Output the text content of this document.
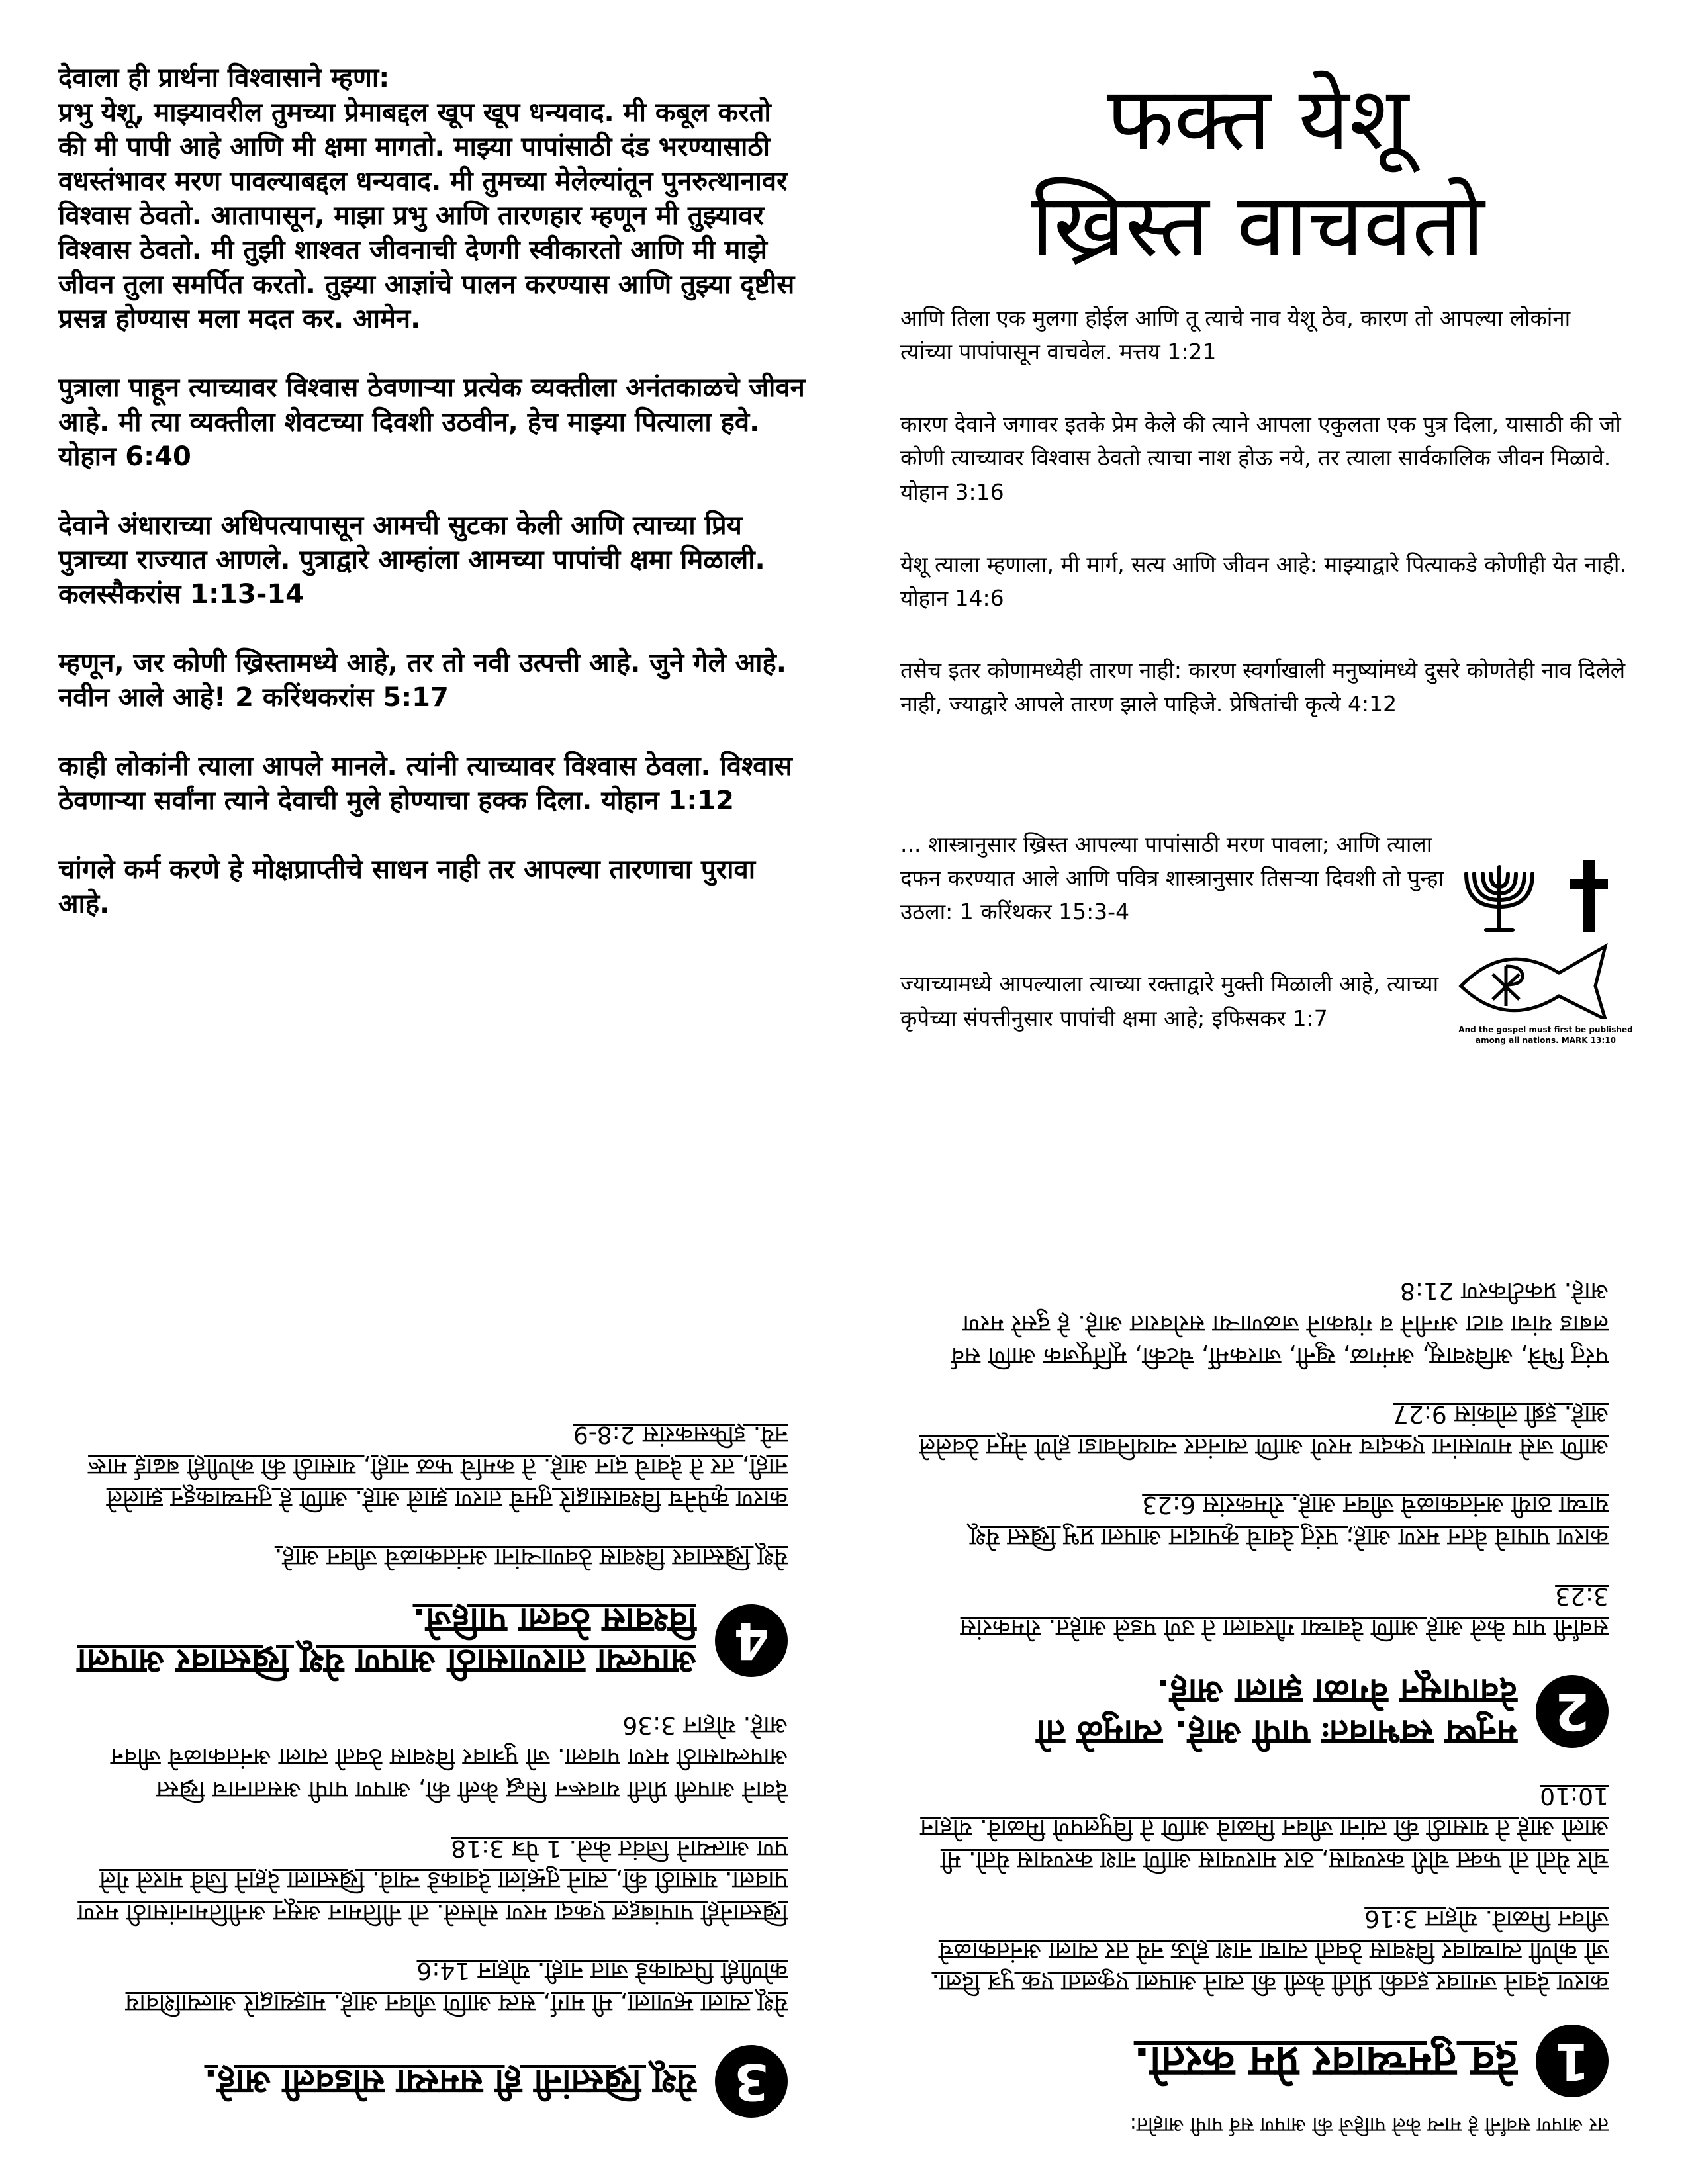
देवाला ही प्रार्थना विश्‍वासाने म्हणा:
प्रभु येशू, माझ्यावरील तुमच्या प्रेमाबद्दल खूप खूप धन्यवाद. मी कबूल करतो की मी पापी आहे आणि मी क्षमा मागतो. माझ्या पापांसाठी दंड भरण्यासाठी वधस्तंभावर मरण पावल्याबद्दल धन्यवाद. मी तुमच्या मेलेल्यांतून पुनरुत्थानावर विश्‍वास ठेवतो. आतापासून, माझा प्रभु आणि तारणहार म्हणून मी तुझ्यावर विश्‍वास ठेवतो. मी तुझी शाश्‍वत जीवनाची देणगी स्वीकारतो आणि मी माझे जीवन तुला समर्पित करतो. तुझ्या आज्ञांचे पालन करण्यास आणि तुझ्या दृष्टीस प्रसन्न होण्यास मला मदत कर. आमेन.

पुत्राला पाहून त्याच्यावर विश्‍वास ठेवणाऱ्या प्रत्येक व्यक्तीला अनंतकाळचे जीवन आहे. मी त्या व्यक्तीला शेवटच्या दिवशी उठवीन, हेच माझ्या पित्याला हवे. योहान 6:40

देवाने अंधाराच्या अधिपत्यापासून आमची सुटका केली आणि त्याच्या प्रिय पुत्राच्या राज्यात आणले. पुत्राद्वारे आम्हांला आमच्या पापांची क्षमा मिळाली. कलस्सैकरांस 1:13-14

म्हणून, जर कोणी ख्रिस्तामध्ये आहे, तर तो नवी उत्पत्ती आहे. जुने गेले आहे. नवीन आले आहे! 2 करिंथकरांस 5:17

काही लोकांनी त्याला आपले मानले. त्यांनी त्याच्यावर विश्‍वास ठेवला. विश्‍वास ठेवणाऱ्या सर्वांना त्याने देवाची मुले होण्याचा हक्क दिला. योहान 1:12

चांगले कर्म करणे हे मोक्षप्राप्तीचे साधन नाही तर आपल्या तारणाचा पुरावा आहे.

फक्त येशू
ख्रिस्त वाचवतो

आणि तिला एक मुलगा होईल आणि तू त्याचे नाव येशू ठेव, कारण तो आपल्या लोकांना त्यांच्या पापांपासून वाचवेल. मत्तय 1:21

कारण देवाने जगावर इतके प्रेम केले की त्याने आपला एकुलता एक पुत्र दिला, यासाठी की जो कोणी त्याच्यावर विश्वास ठेवतो त्याचा नाश होऊ नये, तर त्याला सार्वकालिक जीवन मिळावे. योहान 3:16

येशू त्याला म्हणाला, मी मार्ग, सत्य आणि जीवन आहे: माझ्याद्वारे पित्याकडे कोणीही येत नाही. योहान 14:6

तसेच इतर कोणामध्येही तारण नाही: कारण स्वर्गाखाली मनुष्यांमध्ये दुसरे कोणतेही नाव दिलेले नाही, ज्याद्वारे आपले तारण झाले पाहिजे. प्रेषितांची कृत्ये 4:12

... शास्त्रानुसार ख्रिस्त आपल्या पापांसाठी मरण पावला; आणि त्याला दफन करण्यात आले आणि पवित्र शास्त्रानुसार तिसऱ्या दिवशी तो पुन्हा उठला: 1 करिंथकर 15:3-4

ज्याच्यामध्ये आपल्याला त्याच्या रक्ताद्वारे मुक्ती मिळाली आहे, त्याच्या कृपेच्या संपत्तीनुसार पापांची क्षमा आहे; इफिसकर 1:7	And the gospel must first be published among all nations. MARK 13:10
3
येशू ख्रिस्तांनी ही समस्या सोडवली आहे.

येशू त्याला म्हणाला, मी मार्ग, सत्य आणि जीवन आहे. माझ्याद्वारे आल्याशिवाय कोणीही पित्याकडे जात नाही. योहान 14:6

ख्रिस्तानेही पापांबद्दल एकदा मरण सोसले. तो नीतिमान असून अनीतिमानांसाठी मरण पावला. यासाठी की, त्याने तुम्हांला देवाकडे न्यावे. ख्रिस्ताला देहाने जिवे मारले गेले पण आत्म्याने जिवंत केले. 1 पेत्र 3:18

देवाने आपली प्रीती यावरून सिद्ध केली की, आपण पापी असतानाच ख्रिस्त आपल्यासाठी मरण पावला. जो पुत्रावर विश्वास ठेवतो त्याला अनंतकाळचे जीवन आहे. योहान 3:36

4
आपल्या तारणासाठी आपण येशू ख्रिस्तावर आपला विश्वास ठेवला पाहिजे.

येशू ख्रिस्तावर विश्वास ठेवणाऱ्यांना अनंतकाळचे जीवन आहे.

कारण कृपेनेच विश्वासाद्वारे तुमचे तारण झाले आहे. आणि हे तुमच्याकडून झालेले नाही, तर ते देवाचे दान आहे. ते कर्माचे फळ नाही, यासाठी की कोणीही बढाई मारू नये. इफिसकरांस 2:8-9

तर आपण सर्वांनी हे मान्य केले पाहिजे की आपण सर्व पापी आहोत:

1
देव तुमच्यावर प्रेम करतो.

कारण देवाने जगावर इतकी प्रीती केली की त्याने आपला एकुलता एक पुत्र दिला. जो कोणी त्याच्यावर विश्वास ठेवतो त्याचा नाश होऊ नये तर त्याला अनंतकाळचे जीवन मिळावे. योहान 3:16

चोर येतो तो फक्त चोरी करण्यास, ठार मारण्यास आणि नाश करण्यास येतो. मी आलो आहे ते यासाठी की त्यांना जीवन मिळावे आणि ते विपुलपणे मिळावे. योहान 10:10

2
मनुष्य स्वभावतः पापी आहे. त्यामुळे तो देवापासून वेगळा झाला आहे.

सर्वांनी पाप केले आहे आणि देवाच्या गौरवाला ते उणे पडले आहेत. रोमकरांस 3:23

कारण पापाचे वेतन मरण आहे; परंतु देवाचे कृपादान आपला प्रभु ख्रिस्त येशू याच्या ठायी अनंतकाळचे जीवन आहे. रोमकरांस 6:23

आणि जसे माणसांना एकदाच मरणे आणि त्यानंतर न्यायनिवाडा होणे नेमून ठेवलेले आहे. इब्री लोकांस 9:27

परंतु भित्रे, अविश्वासू, अमंगळ, खुनी, जारकर्मी, चेटकी, मूर्तिपूजक आणि सर्व लबाड यांचा वाटा अग्नीने व गंधकाने जळणाऱ्या सरोवरात आहे. हे दुसरे मरण आहे. प्रकटीकरण 21:8
